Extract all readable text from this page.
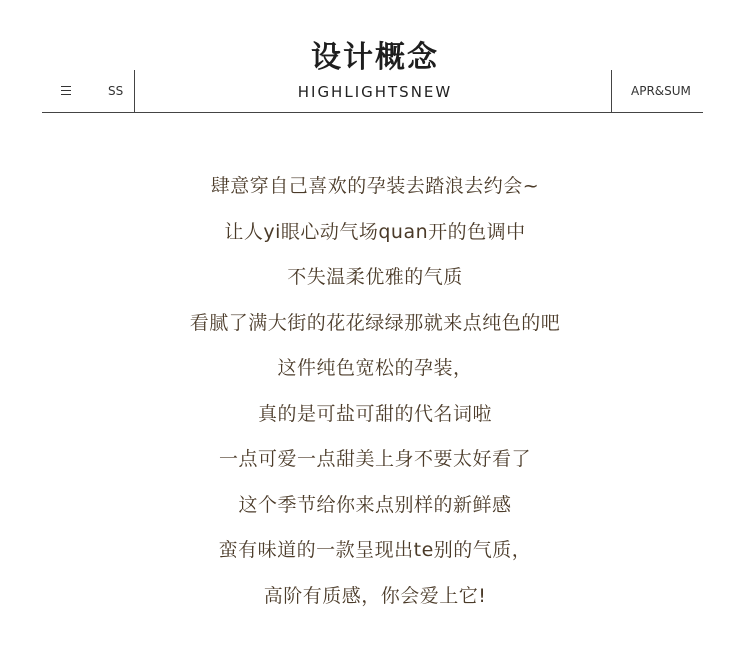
SS
设计概念
HIGHLIGHTSNEW	APR&SUM
肆意穿自己喜欢的孕装去踏浪去约会~
让人yi眼心动气场quan开的色调中
不失温柔优雅的气质
看腻了满大街的花花绿绿那就来点纯色的吧
这件纯色宽松的孕装，
真的是可盐可甜的代名词啦
一点可爱一点甜美上身不要太好看了
这个季节给你来点别样的新鲜感
蛮有味道的一款呈现出te别的气质，
高阶有质感，你会爱上它!
